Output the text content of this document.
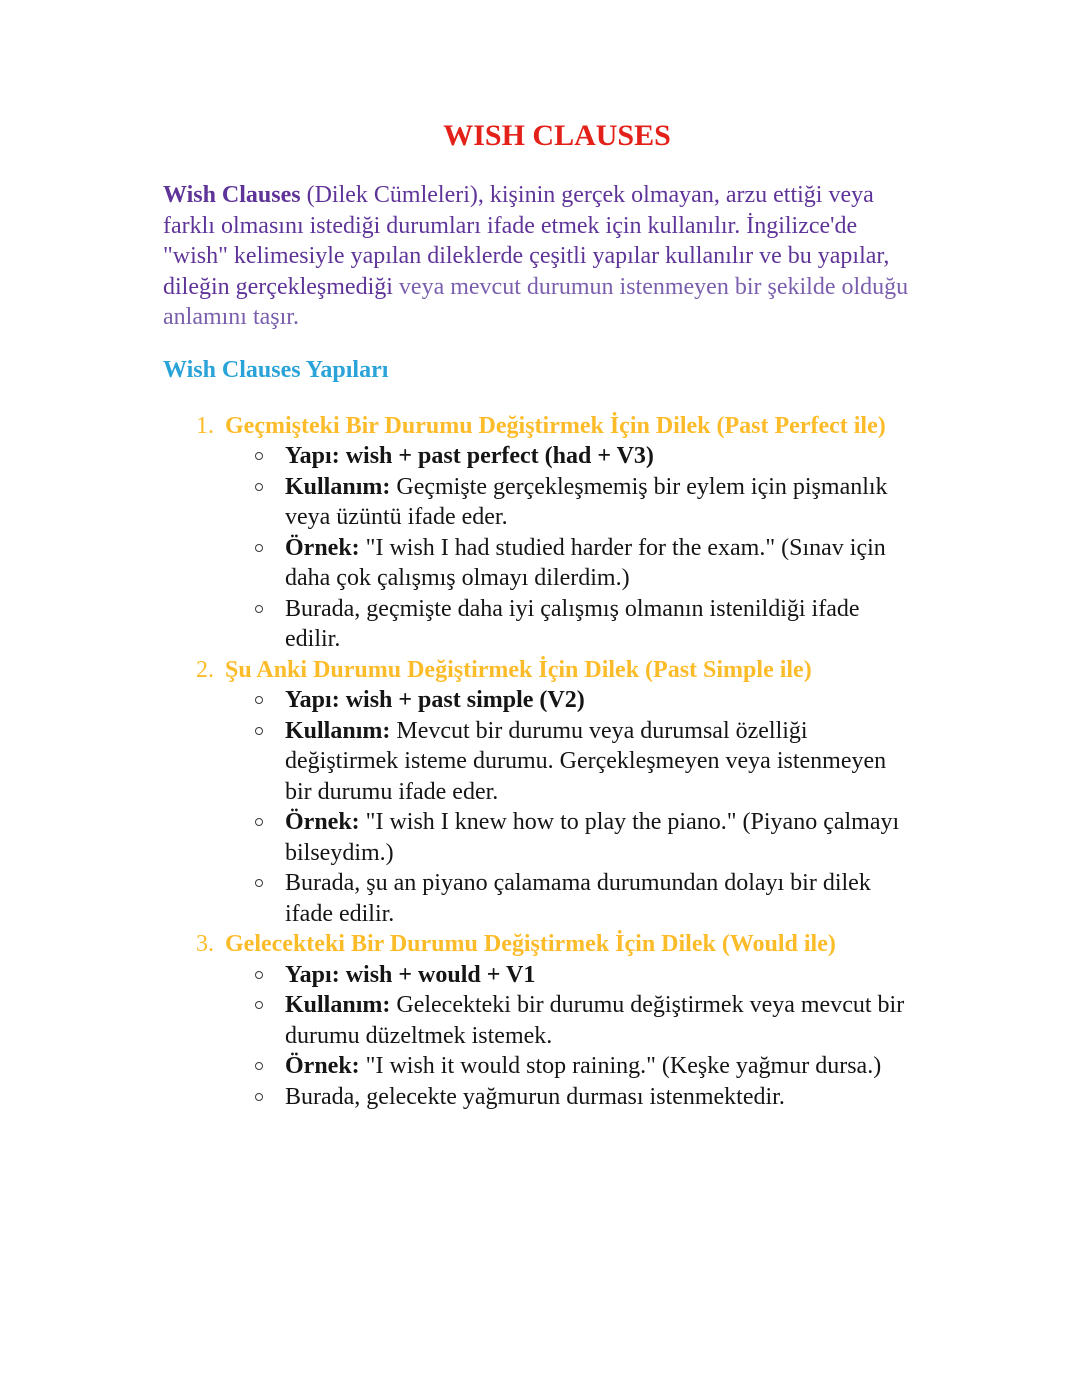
WISH CLAUSES

Wish Clauses (Dilek Cümleleri), kişinin gerçek olmayan, arzu ettiği veya farklı olmasını istediği durumları ifade etmek için kullanılır. İngilizce'de "wish" kelimesiyle yapılan dileklerde çeşitli yapılar kullanılır ve bu yapılar, dileğin gerçekleşmediği veya mevcut durumun istenmeyen bir şekilde olduğu anlamını taşır.

Wish Clauses Yapıları
1. Geçmişteki Bir Durumu Değiştirmek İçin Dilek (Past Perfect ile)
Yapı: wish + past perfect (had + V3)
Kullanım: Geçmişte gerçekleşmemiş bir eylem için pişmanlık veya üzüntü ifade eder.
Örnek: "I wish I had studied harder for the exam." (Sınav için daha çok çalışmış olmayı dilerdim.)
Burada, geçmişte daha iyi çalışmış olmanın istenildiği ifade edilir.
2. Şu Anki Durumu Değiştirmek İçin Dilek (Past Simple ile)
Yapı: wish + past simple (V2)
Kullanım: Mevcut bir durumu veya durumsal özelliği değiştirmek isteme durumu. Gerçekleşmeyen veya istenmeyen bir durumu ifade eder.
Örnek: "I wish I knew how to play the piano." (Piyano çalmayı bilseydim.)
Burada, şu an piyano çalamama durumundan dolayı bir dilek ifade edilir.
3. Gelecekteki Bir Durumu Değiştirmek İçin Dilek (Would ile)
Yapı: wish + would + V1
Kullanım: Gelecekteki bir durumu değiştirmek veya mevcut bir durumu düzeltmek istemek.
Örnek: "I wish it would stop raining." (Keşke yağmur dursa.)
Burada, gelecekte yağmurun durması istenmektedir.
